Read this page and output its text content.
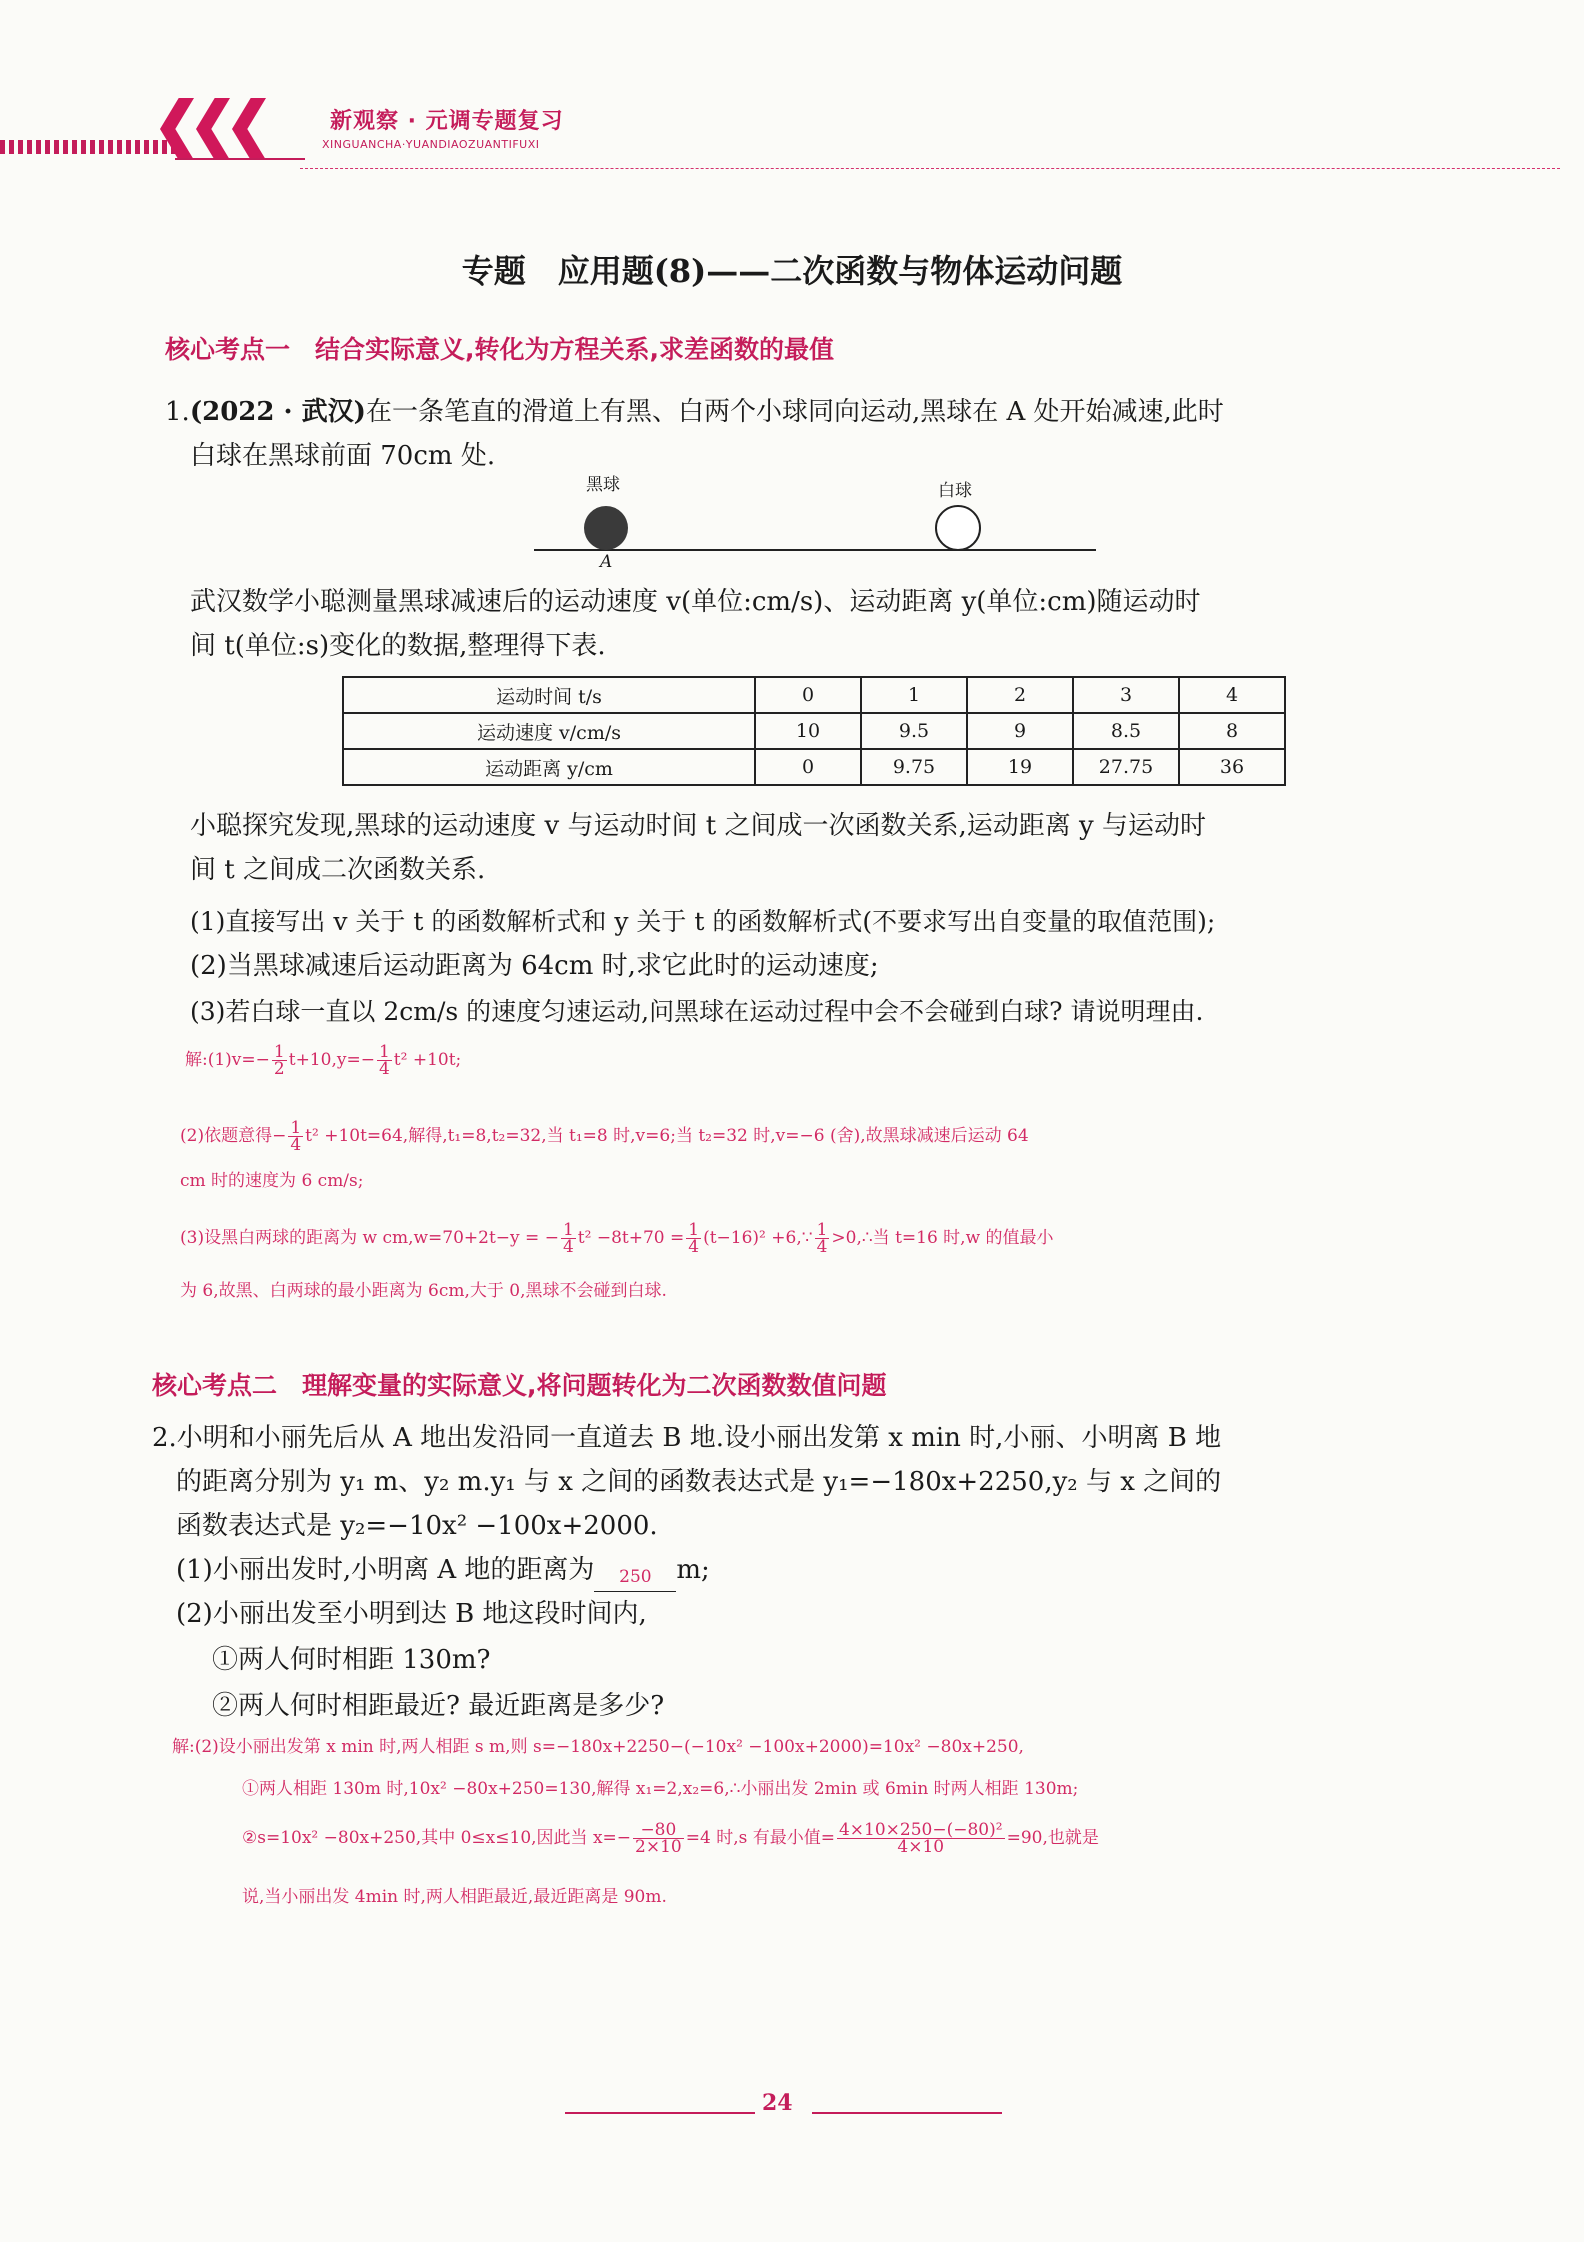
新观察 · 元调专题复习
XINGUANCHA·YUANDIAOZUANTIFUXI
专题　应用题(8)——二次函数与物体运动问题
核心考点一　结合实际意义,转化为方程关系,求差函数的最值
1.(2022 · 武汉)在一条笔直的滑道上有黑、白两个小球同向运动,黑球在 A 处开始减速,此时
白球在黑球前面 70cm 处.
黑球	白球
A
武汉数学小聪测量黑球减速后的运动速度 v(单位:cm/s)、运动距离 y(单位:cm)随运动时
间 t(单位:s)变化的数据,整理得下表.
运动时间 t/s	0	1	2	3	4
运动速度 v/cm/s	10	9.5	9	8.5	8
运动距离 y/cm	0	9.75	19	27.75	36
小聪探究发现,黑球的运动速度 v 与运动时间 t 之间成一次函数关系,运动距离 y 与运动时
间 t 之间成二次函数关系.
(1)直接写出 v 关于 t 的函数解析式和 y 关于 t 的函数解析式(不要求写出自变量的取值范围);
(2)当黑球减速后运动距离为 64cm 时,求它此时的运动速度;
(3)若白球一直以 2cm/s 的速度匀速运动,问黑球在运动过程中会不会碰到白球? 请说明理由.
解:(1)v=− $\frac{1}{2} t+10,y=- \frac{1}{4} t^2 +10t$;
(2)依题意得− $\frac{1}{4} t^2 +10t=64$,解得,t₁=8,t₂=32,当 t₁=8 时,v=6;当 t₂=32 时,v=−6 (舍),故黑球减速后运动 64
cm 时的速度为 6 cm/s;
(3)设黑白两球的距离为 w cm,w=70+2t−y = − $\frac{1}{4} t^2 -8t+70 = \frac{1}{4} (t-16)^2$ +6,∵ $\frac{1}{4}$ >0,∴当 t=16 时,w 的值最小
为 6,故黑、白两球的最小距离为 6cm,大于 0,黑球不会碰到白球.
核心考点二　理解变量的实际意义,将问题转化为二次函数数值问题
2.小明和小丽先后从 A 地出发沿同一直道去 B 地.设小丽出发第 x min 时,小丽、小明离 B 地
的距离分别为 y₁ m、y₂ m.y₁ 与 x 之间的函数表达式是 y₁=−180x+2250,y₂ 与 x 之间的
函数表达式是 y₂=−10x² −100x+2000.
(1)小丽出发时,小明离 A 地的距离为 250 m;
(2)小丽出发至小明到达 B 地这段时间内,
①两人何时相距 130m?
②两人何时相距最近? 最近距离是多少?
解:(2)设小丽出发第 x min 时,两人相距 s m,则 s=−180x+2250−(−10x² −100x+2000)=10x² −80x+250,
①两人相距 130m 时,10x² −80x+250=130,解得 x₁=2,x₂=6,∴小丽出发 2min 或 6min 时两人相距 130m;
②s=10x² −80x+250,其中 0≤x≤10,因此当 $x=- \frac{-80}{2\times 10} =4$ 时,s 有最小值= $\frac{\text{4×10×250−(−80)²}}{4\times 10} =90$,也就是
说,当小丽出发 4min 时,两人相距最近,最近距离是 90m.
24
